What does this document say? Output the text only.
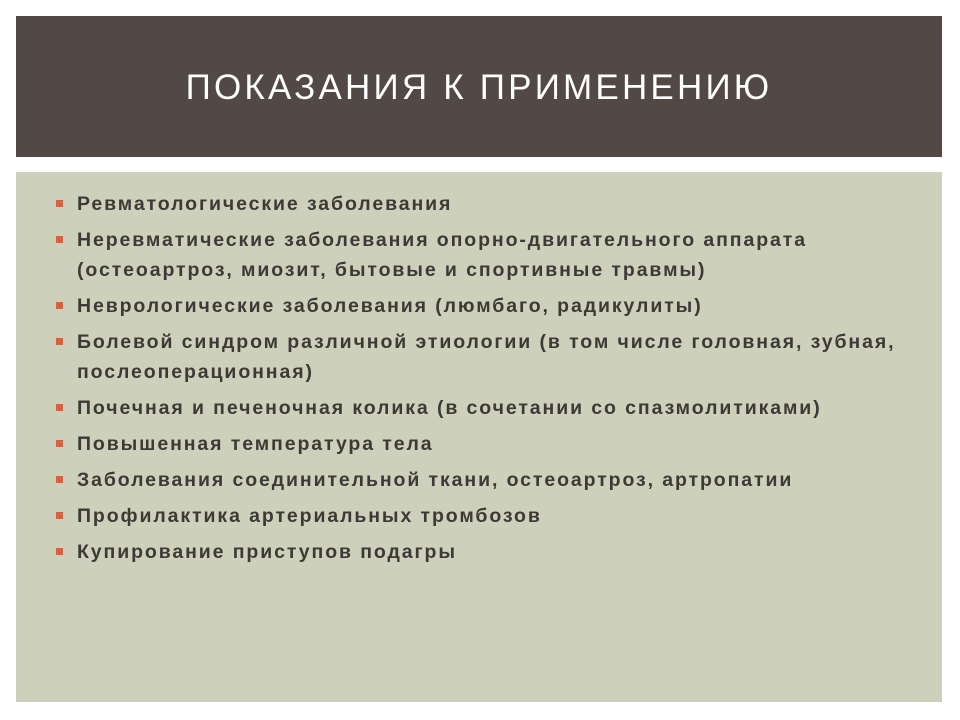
ПОКАЗАНИЯ К ПРИМЕНЕНИЮ
Ревматологические заболевания
Неревматические заболевания опорно-двигательного аппарата (остеоартроз, миозит, бытовые и спортивные травмы)
Неврологические заболевания (люмбаго, радикулиты)
Болевой синдром различной этиологии (в том числе головная, зубная, послеоперационная)
Почечная и печеночная колика (в сочетании со спазмолитиками)
Повышенная температура тела
Заболевания соединительной ткани, остеоартроз, артропатии
Профилактика артериальных тромбозов
Купирование приступов подагры
